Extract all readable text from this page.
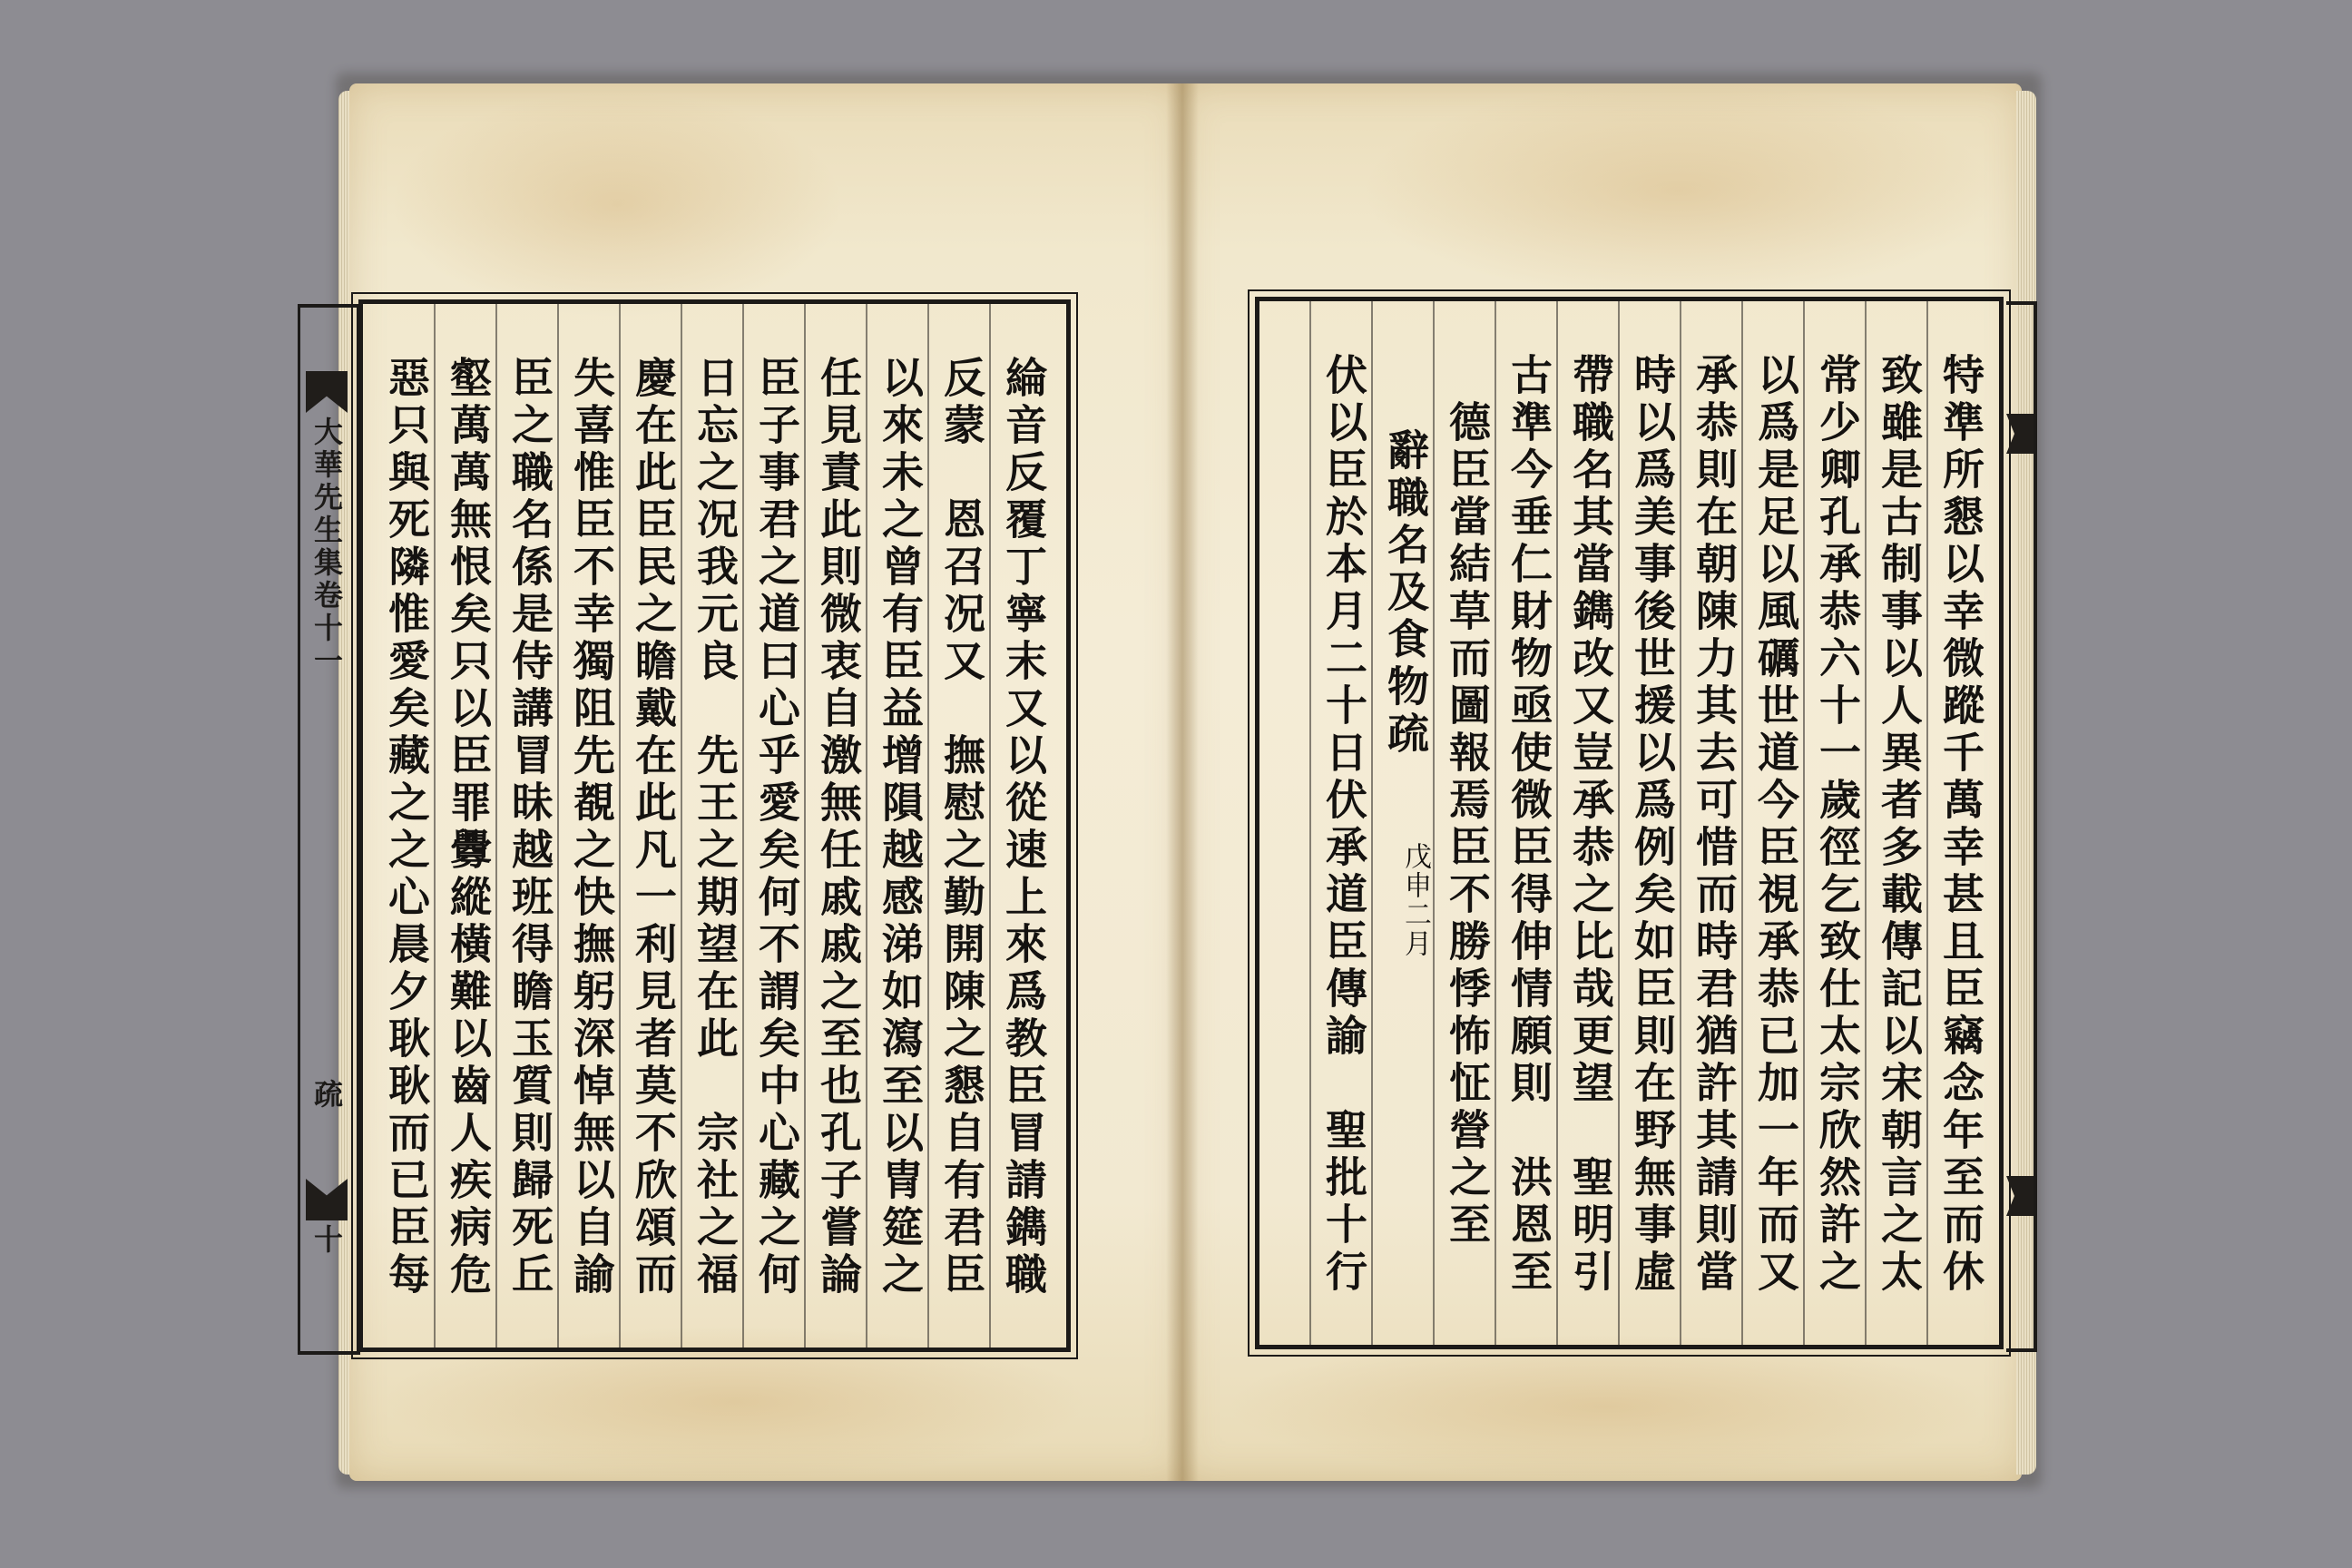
大華先生集卷十一
疏
十	綸音反覆丁寧末又以從速上來爲教臣冒請鐫職
反蒙　恩召况又　撫慰之勤開陳之懇自有君臣
以來未之曾有臣益增隕越感涕如瀉至以冑筵之
任見責此則微衷自激無任戚戚之至也孔子嘗論
臣子事君之道曰心乎愛矣何不謂矣中心藏之何
日忘之况我元良　先王之期望在此　宗社之福
慶在此臣民之瞻戴在此凡一利見者莫不欣頌而
失喜惟臣不幸獨阻先覩之快撫躬深悼無以自諭
臣之職名係是侍講冒昧越班得瞻玉質則歸死丘
壑萬萬無恨矣只以臣罪釁縱橫難以齒人疾病危
惡只與死隣惟愛矣藏之之心晨夕耿耿而已臣每	特準所懇以幸微蹤千萬幸甚且臣竊念年至而休
致雖是古制事以人異者多載傳記以宋朝言之太
常少卿孔承恭六十一歲徑乞致仕太宗欣然許之
以爲是足以風礪世道今臣視承恭已加一年而又
承恭則在朝陳力其去可惜而時君猶許其請則當
時以爲美事後世援以爲例矣如臣則在野無事虛
帶職名其當鐫改又豈承恭之比哉更望　聖明引
古準今垂仁財物亟使微臣得伸情願則　洪恩至
德臣當結草而圖報焉臣不勝悸怖怔營之至
辭職名及食物疏
戊申二月
伏以臣於本月二十日伏承道臣傳諭　聖批十行
